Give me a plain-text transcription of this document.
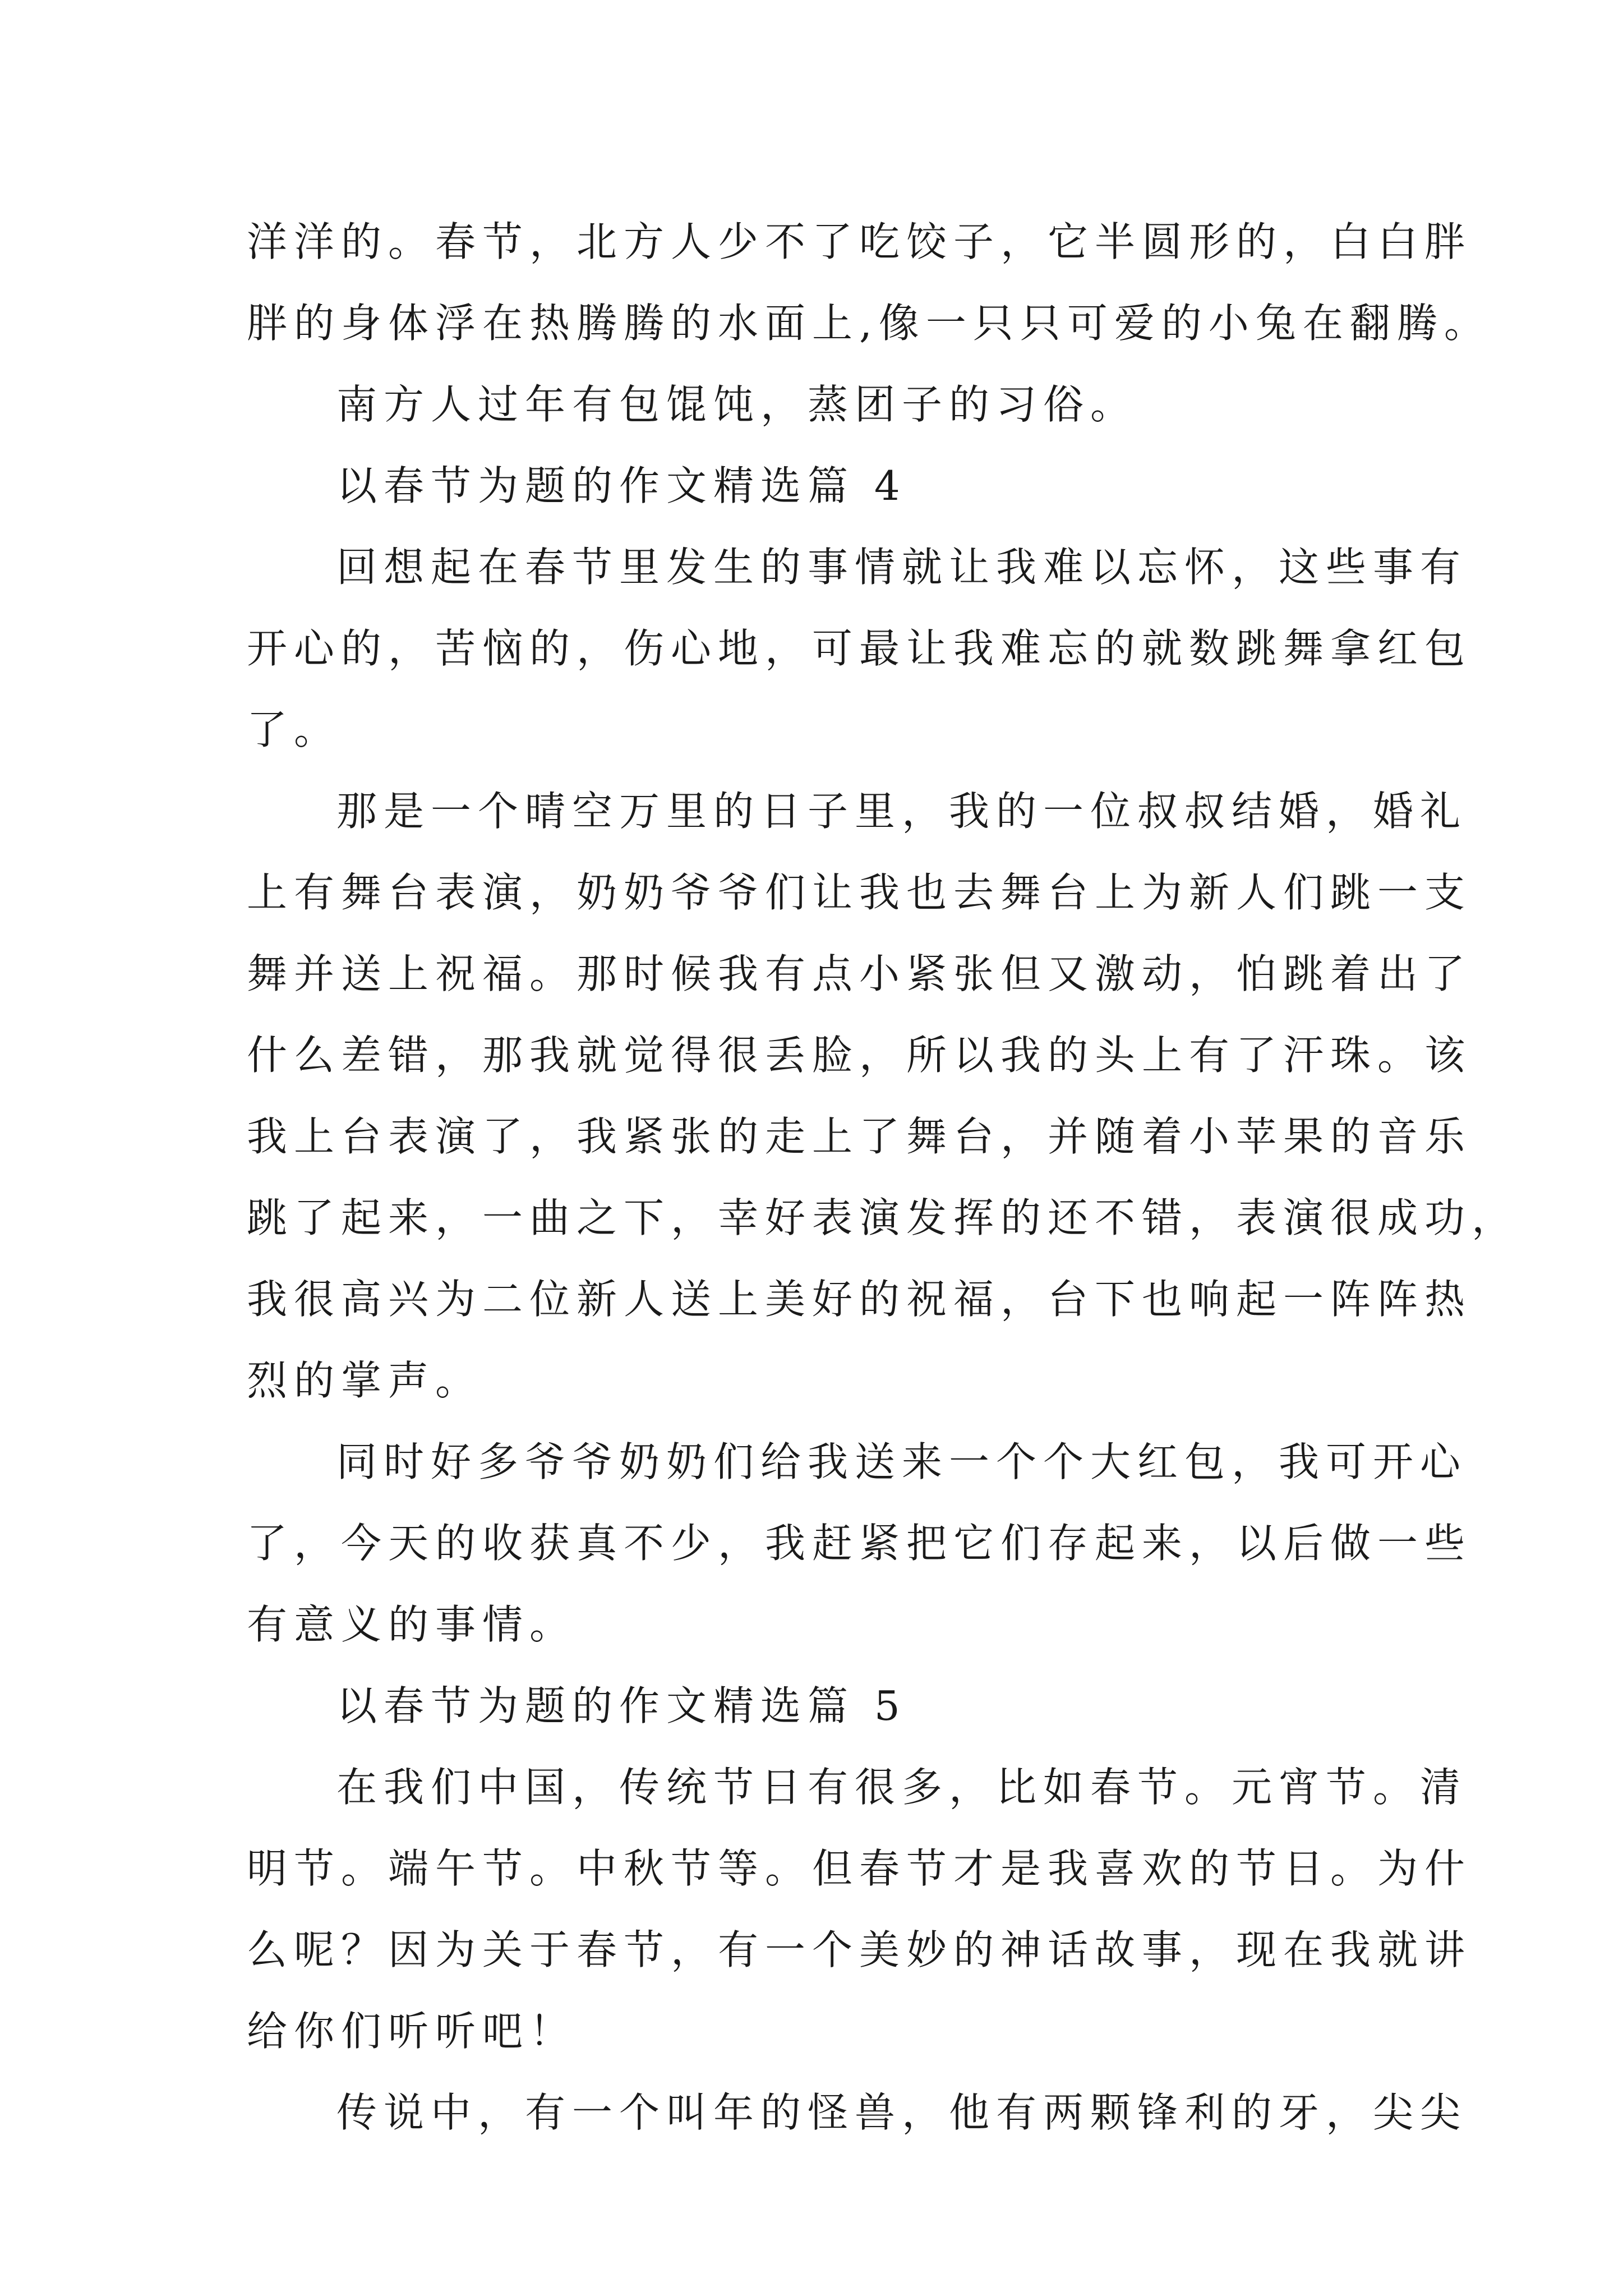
洋洋的。春节，北方人少不了吃饺子，它半圆形的，白白胖
胖的身体浮在热腾腾的水面上,像一只只可爱的小兔在翻腾。
南方人过年有包馄饨，蒸团子的习俗。
以春节为题的作文精选篇 4
回想起在春节里发生的事情就让我难以忘怀，这些事有
开心的，苦恼的，伤心地，可最让我难忘的就数跳舞拿红包
了。
那是一个晴空万里的日子里，我的一位叔叔结婚，婚礼
上有舞台表演，奶奶爷爷们让我也去舞台上为新人们跳一支
舞并送上祝福。那时候我有点小紧张但又激动，怕跳着出了
什么差错，那我就觉得很丢脸，所以我的头上有了汗珠。该
我上台表演了，我紧张的走上了舞台，并随着小苹果的音乐
跳了起来，一曲之下，幸好表演发挥的还不错，表演很成功，
我很高兴为二位新人送上美好的祝福，台下也响起一阵阵热
烈的掌声。
同时好多爷爷奶奶们给我送来一个个大红包，我可开心
了，今天的收获真不少，我赶紧把它们存起来，以后做一些
有意义的事情。
以春节为题的作文精选篇 5
在我们中国，传统节日有很多，比如春节。元宵节。清
明节。端午节。中秋节等。但春节才是我喜欢的节日。为什
么呢？因为关于春节，有一个美妙的神话故事，现在我就讲
给你们听听吧！
传说中，有一个叫年的怪兽，他有两颗锋利的牙，尖尖
